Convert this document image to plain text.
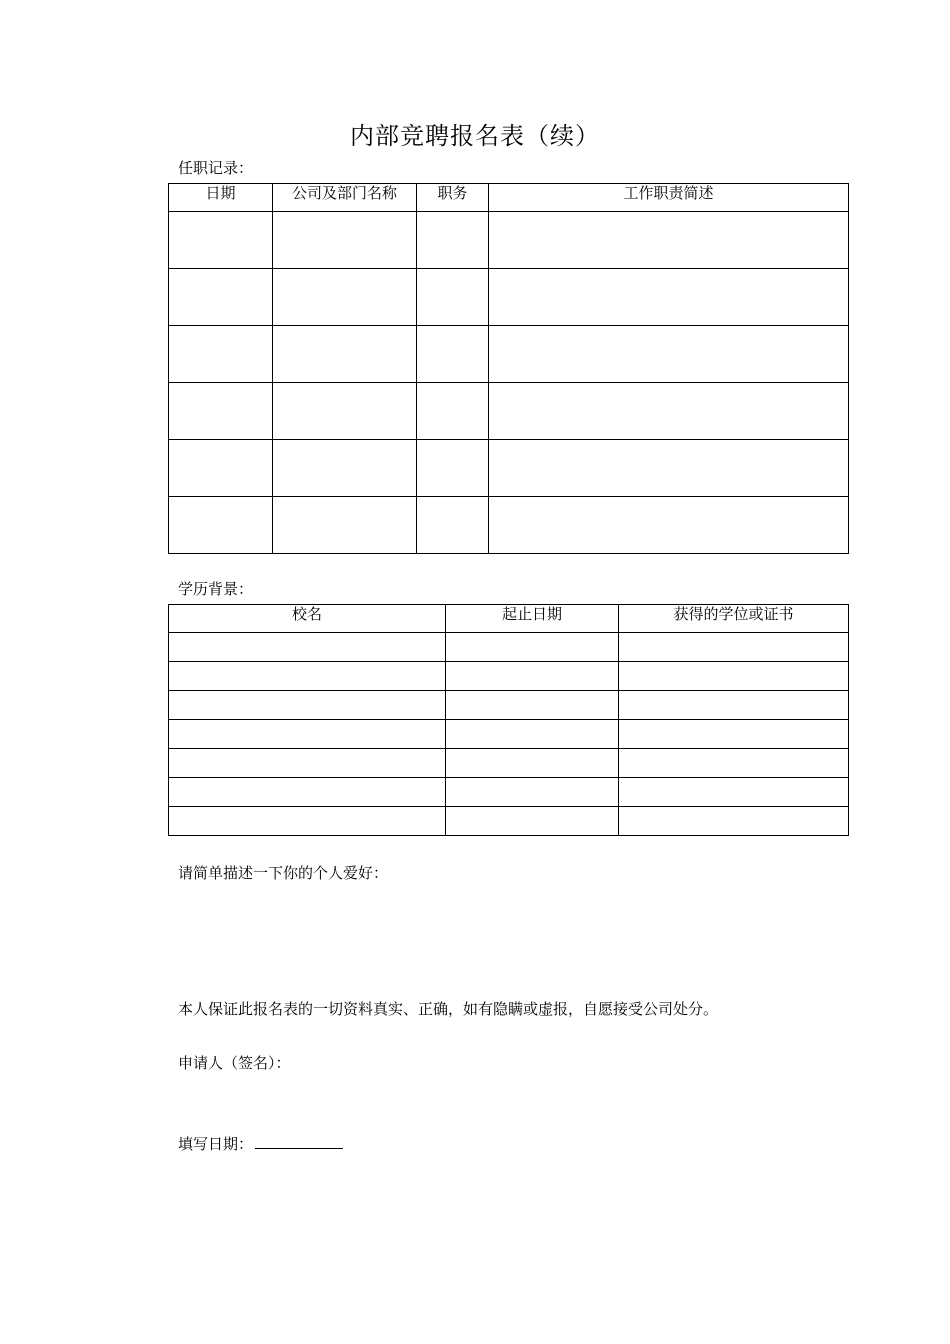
内部竞聘报名表（续）
任职记录：
日期	公司及部门名称	职务	工作职责简述

学历背景：
校名	起止日期	获得的学位或证书

请简单描述一下你的个人爱好：
本人保证此报名表的一切资料真实、正确，如有隐瞒或虚报，自愿接受公司处分。
申请人（签名）：
填写日期：
